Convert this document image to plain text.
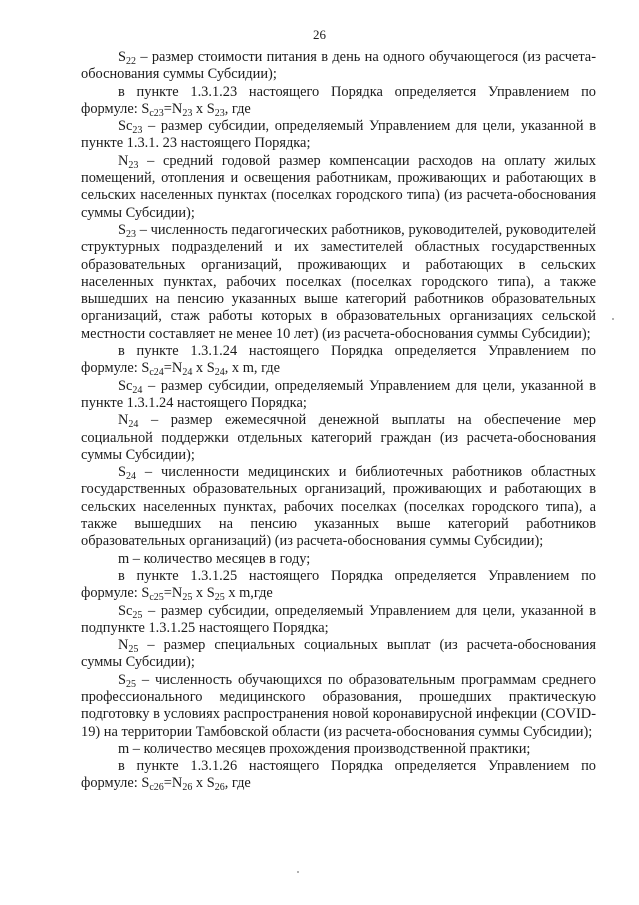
26

$S_{22}$ – размер стоимости питания в день на одного обучающегося (из расчета-обоснования суммы Субсидии);

в пункте 1.3.1.23 настоящего Порядка определяется Управлением по формуле: $S_{c23}=N_{23}$ x $S_{23}$, где

$Sc_{23}$ – размер субсидии, определяемый Управлением для цели, указанной в пункте 1.3.1. 23 настоящего Порядка;

$N_{23}$ – средний годовой размер компенсации расходов на оплату жилых помещений, отопления и освещения работникам, проживающих и работающих в сельских населенных пунктах (поселках городского типа) (из расчета-обоснования суммы Субсидии);

$S_{23}$ – численность педагогических работников, руководителей, руководителей структурных подразделений и их заместителей областных государственных образовательных организаций, проживающих и работающих в сельских населенных пунктах, рабочих поселках (поселках городского типа), а также вышедших на пенсию указанных выше категорий работников образовательных организаций, стаж работы которых в образовательных организациях сельской местности составляет не менее 10 лет) (из расчета-обоснования суммы Субсидии);

в пункте 1.3.1.24 настоящего Порядка определяется Управлением по формуле: $S_{c24}=N_{24}$ x $S_{24}$, x m, где

$Sc_{24}$ – размер субсидии, определяемый Управлением для цели, указанной в пункте 1.3.1.24 настоящего Порядка;

$N_{24}$ – размер ежемесячной денежной выплаты на обеспечение мер социальной поддержки отдельных категорий граждан (из расчета-обоснования суммы Субсидии);

$S_{24}$ – численности медицинских и библиотечных работников областных государственных образовательных организаций, проживающих и работающих в сельских населенных пунктах, рабочих поселках (поселках городского типа), а также вышедших на пенсию указанных выше категорий работников образовательных организаций) (из расчета-обоснования суммы Субсидии);

m – количество месяцев в году;

в пункте 1.3.1.25 настоящего Порядка определяется Управлением по формуле: $S_{c25}=N_{25}$ x $S_{25}$ x m,где

$Sc_{25}$ – размер субсидии, определяемый Управлением для цели, указанной в подпункте 1.3.1.25 настоящего Порядка;

$N_{25}$ – размер специальных социальных выплат (из расчета-обоснования суммы Субсидии);

$S_{25}$ – численность обучающихся по образовательным программам среднего профессионального медицинского образования, прошедших практическую подготовку в условиях распространения новой коронавирусной инфекции (COVID-19) на территории Тамбовской области (из расчета-обоснования суммы Субсидии);

m – количество месяцев прохождения производственной практики;

в пункте 1.3.1.26 настоящего Порядка определяется Управлением по формуле: $S_{c26}=N_{26}$ x $S_{26}$, где
